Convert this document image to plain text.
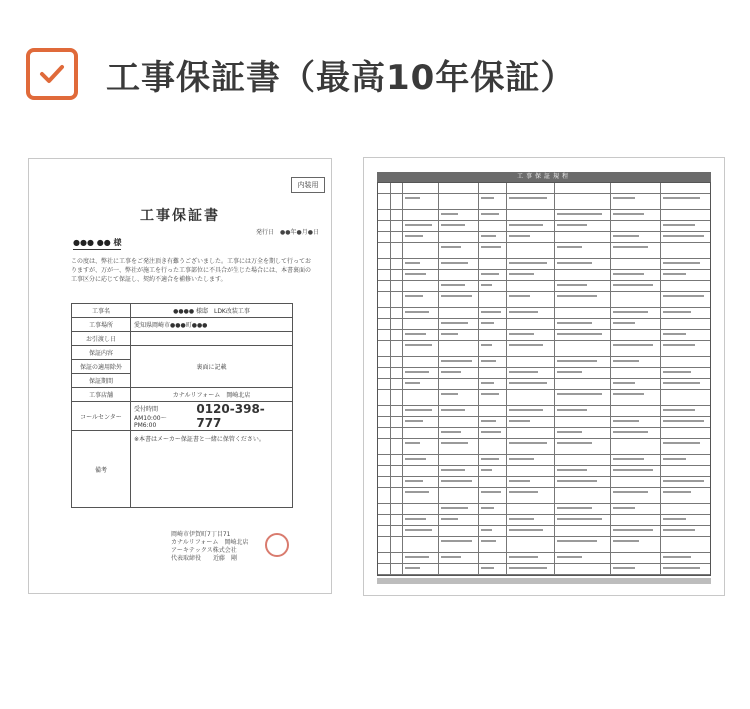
工事保証書（最高10年保証）
内装用
工事保証書
発行日　●●年●月●日
●●● ●● 様
この度は、弊社に工事をご発注頂き有難うございました。工事には万全を期して行っておりますが、万が一、弊社が施工を行った工事部位に不具合が生じた場合には、本書裏面の工事区分に応じて保証し、契約不適合を補修いたします。
工事名	●●●● 様邸　LDK改装工事
工事場所	愛知県岡崎市●●●町●●●
お引渡し日	
保証内容	裏面に記載
保証の適用除外	
保証期間	
工事店舗	カナルリフォーム　岡崎北店
コールセンター	受付時間
AM10:00～PM6:00
0120-398-777

備考	※本書はメーカー保証書と一緒に保管ください。
岡崎市伊賀町7丁目71
カナルリフォーム　岡崎北店
アーキテックス株式会社
代表取締役　　近藤　剛
工事保証規程
